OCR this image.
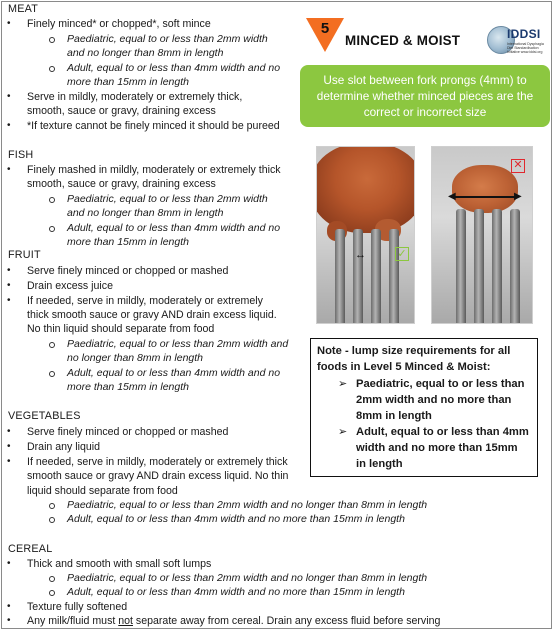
MEAT
• Finely minced* or chopped*, soft mince
Paediatric, equal to or less than 2mm width
and no longer than 8mm in length
Adult, equal to or less than 4mm width and no
more than 15mm in length
• Serve in mildly, moderately or extremely thick,
smooth, sauce or gravy, draining excess
• *If texture cannot be finely minced it should be pureed
FISH
• Finely mashed in mildly, moderately or extremely thick
smooth, sauce or gravy, draining excess
Paediatric, equal to or less than 2mm width
and no longer than 8mm in length
Adult, equal to or less than 4mm width and no
more than 15mm in length
FRUIT
• Serve finely minced or chopped or mashed
• Drain excess juice
• If needed, serve in mildly, moderately or extremely
thick smooth sauce or gravy AND drain excess liquid.
No thin liquid should separate from food
Paediatric, equal to or less than 2mm width and
no longer than 8mm in length
Adult, equal to or less than 4mm width and no
more than 15mm in length
VEGETABLES
• Serve finely minced or chopped or mashed
• Drain any liquid
• If needed, serve in mildly, moderately or extremely thick
smooth sauce or gravy AND drain excess liquid. No thin
liquid should separate from food
Paediatric, equal to or less than 2mm width and no longer than 8mm in length
Adult, equal to or less than 4mm width and no more than 15mm in length
CEREAL
• Thick and smooth with small soft lumps
Paediatric, equal to or less than 2mm width and no longer than 8mm in length
Adult, equal to or less than 4mm width and no more than 15mm in length
• Texture fully softened
• Any milk/fluid must not separate away from cereal. Drain any excess fluid before serving
5
MINCED & MOIST	IDDSI
International Dysphagia Diet Standardisation Initiative www.iddsi.org
Use slot between fork prongs (4mm) to
determine whether minced pieces are the
correct or incorrect size
↔	✓
◀	▶
✕
Note - lump size requirements for all
foods in Level 5 Minced & Moist:
➢ Paediatric, equal to or less than
2mm width and no more than
8mm in length
➢ Adult, equal to or less than 4mm
width and no more than 15mm
in length
